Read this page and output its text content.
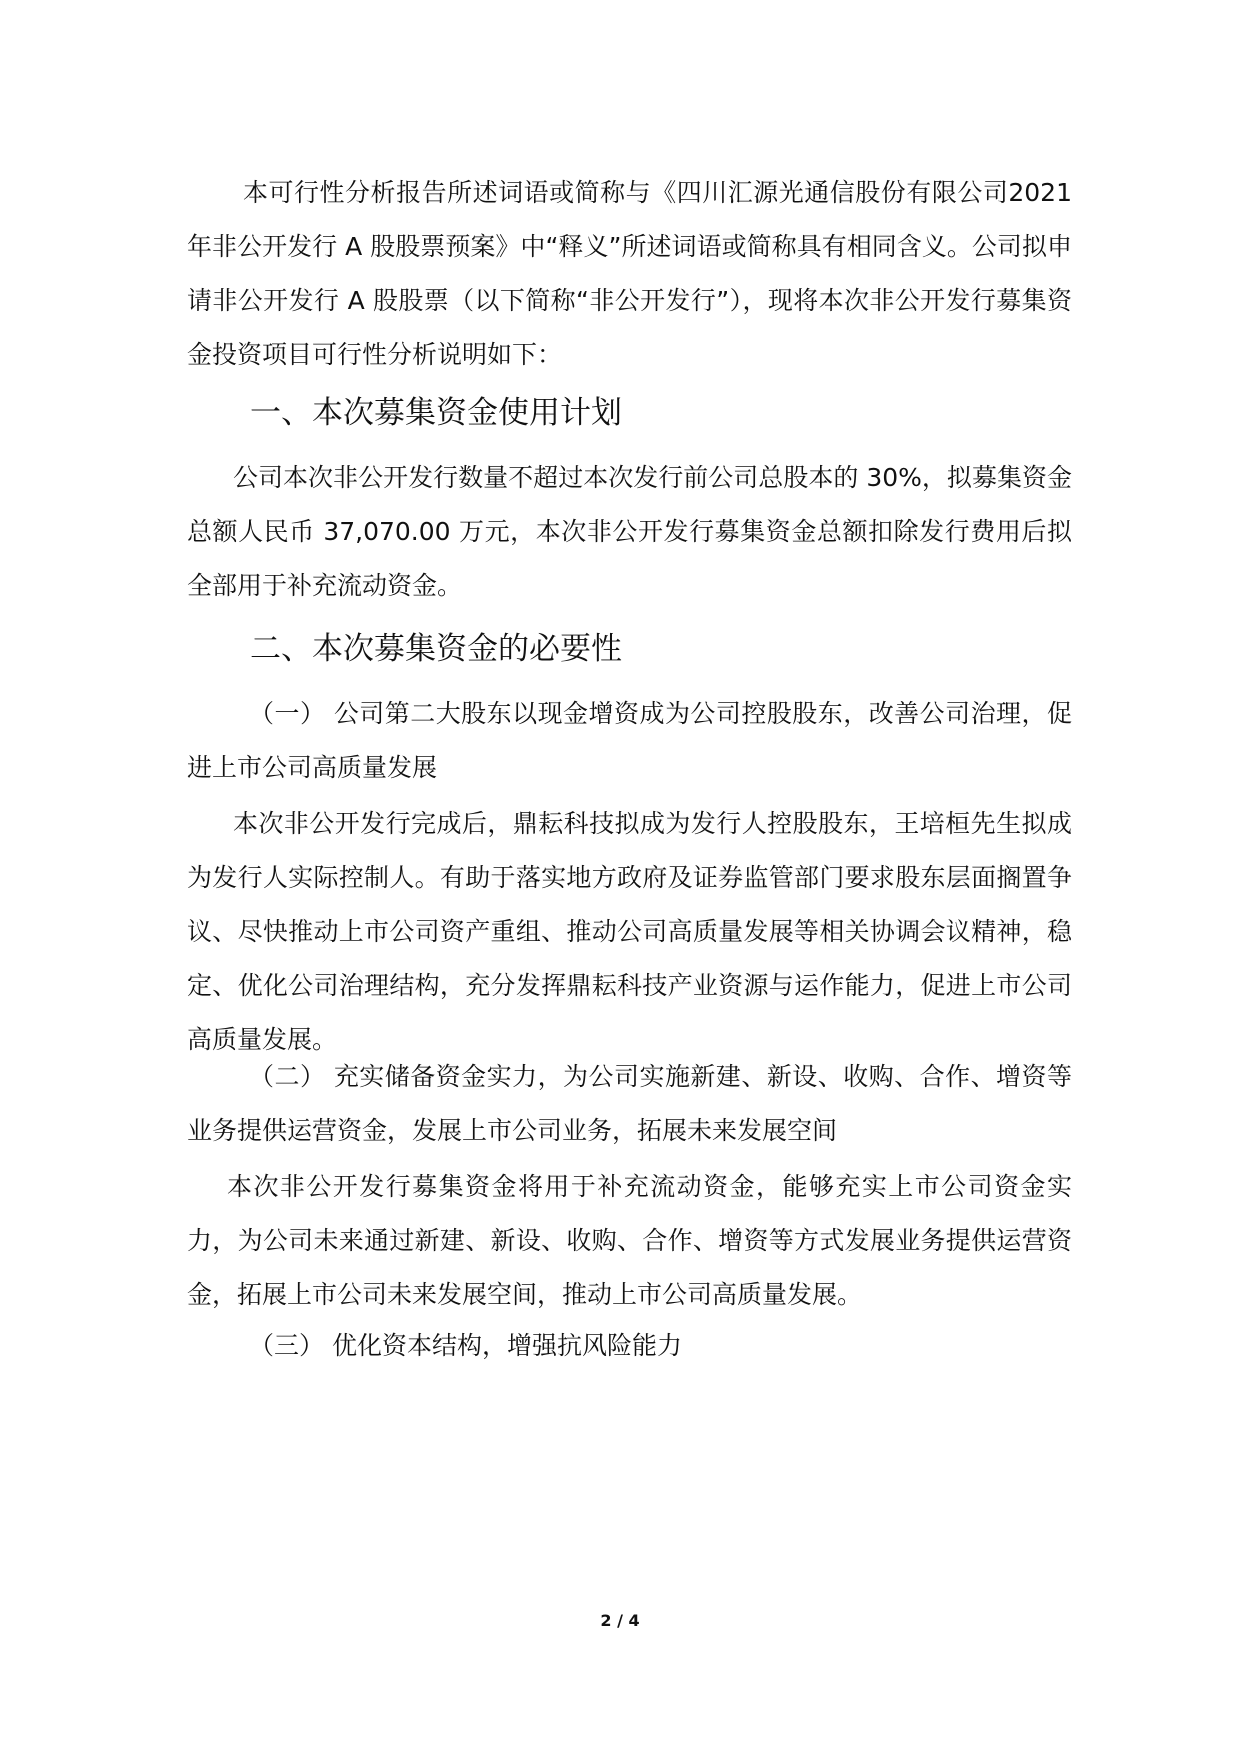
本可行性分析报告所述词语或简称与《四川汇源光通信股份有限公司2021年非公开发行 A 股股票预案》中“释义”所述词语或简称具有相同含义。公司拟申请非公开发行 A 股股票（以下简称“非公开发行”），现将本次非公开发行募集资金投资项目可行性分析说明如下：

一、本次募集资金使用计划

公司本次非公开发行数量不超过本次发行前公司总股本的 30%，拟募集资金总额人民币 37,070.00 万元，本次非公开发行募集资金总额扣除发行费用后拟全部用于补充流动资金。

二、本次募集资金的必要性

（一） 公司第二大股东以现金增资成为公司控股股东，改善公司治理，促进上市公司高质量发展

本次非公开发行完成后，鼎耘科技拟成为发行人控股股东，王培桓先生拟成为发行人实际控制人。有助于落实地方政府及证券监管部门要求股东层面搁置争议、尽快推动上市公司资产重组、推动公司高质量发展等相关协调会议精神，稳定、优化公司治理结构，充分发挥鼎耘科技产业资源与运作能力，促进上市公司高质量发展。

（二） 充实储备资金实力，为公司实施新建、新设、收购、合作、增资等业务提供运营资金，发展上市公司业务，拓展未来发展空间

本次非公开发行募集资金将用于补充流动资金，能够充实上市公司资金实力，为公司未来通过新建、新设、收购、合作、增资等方式发展业务提供运营资金，拓展上市公司未来发展空间，推动上市公司高质量发展。

（三） 优化资本结构，增强抗风险能力

2 / 4
